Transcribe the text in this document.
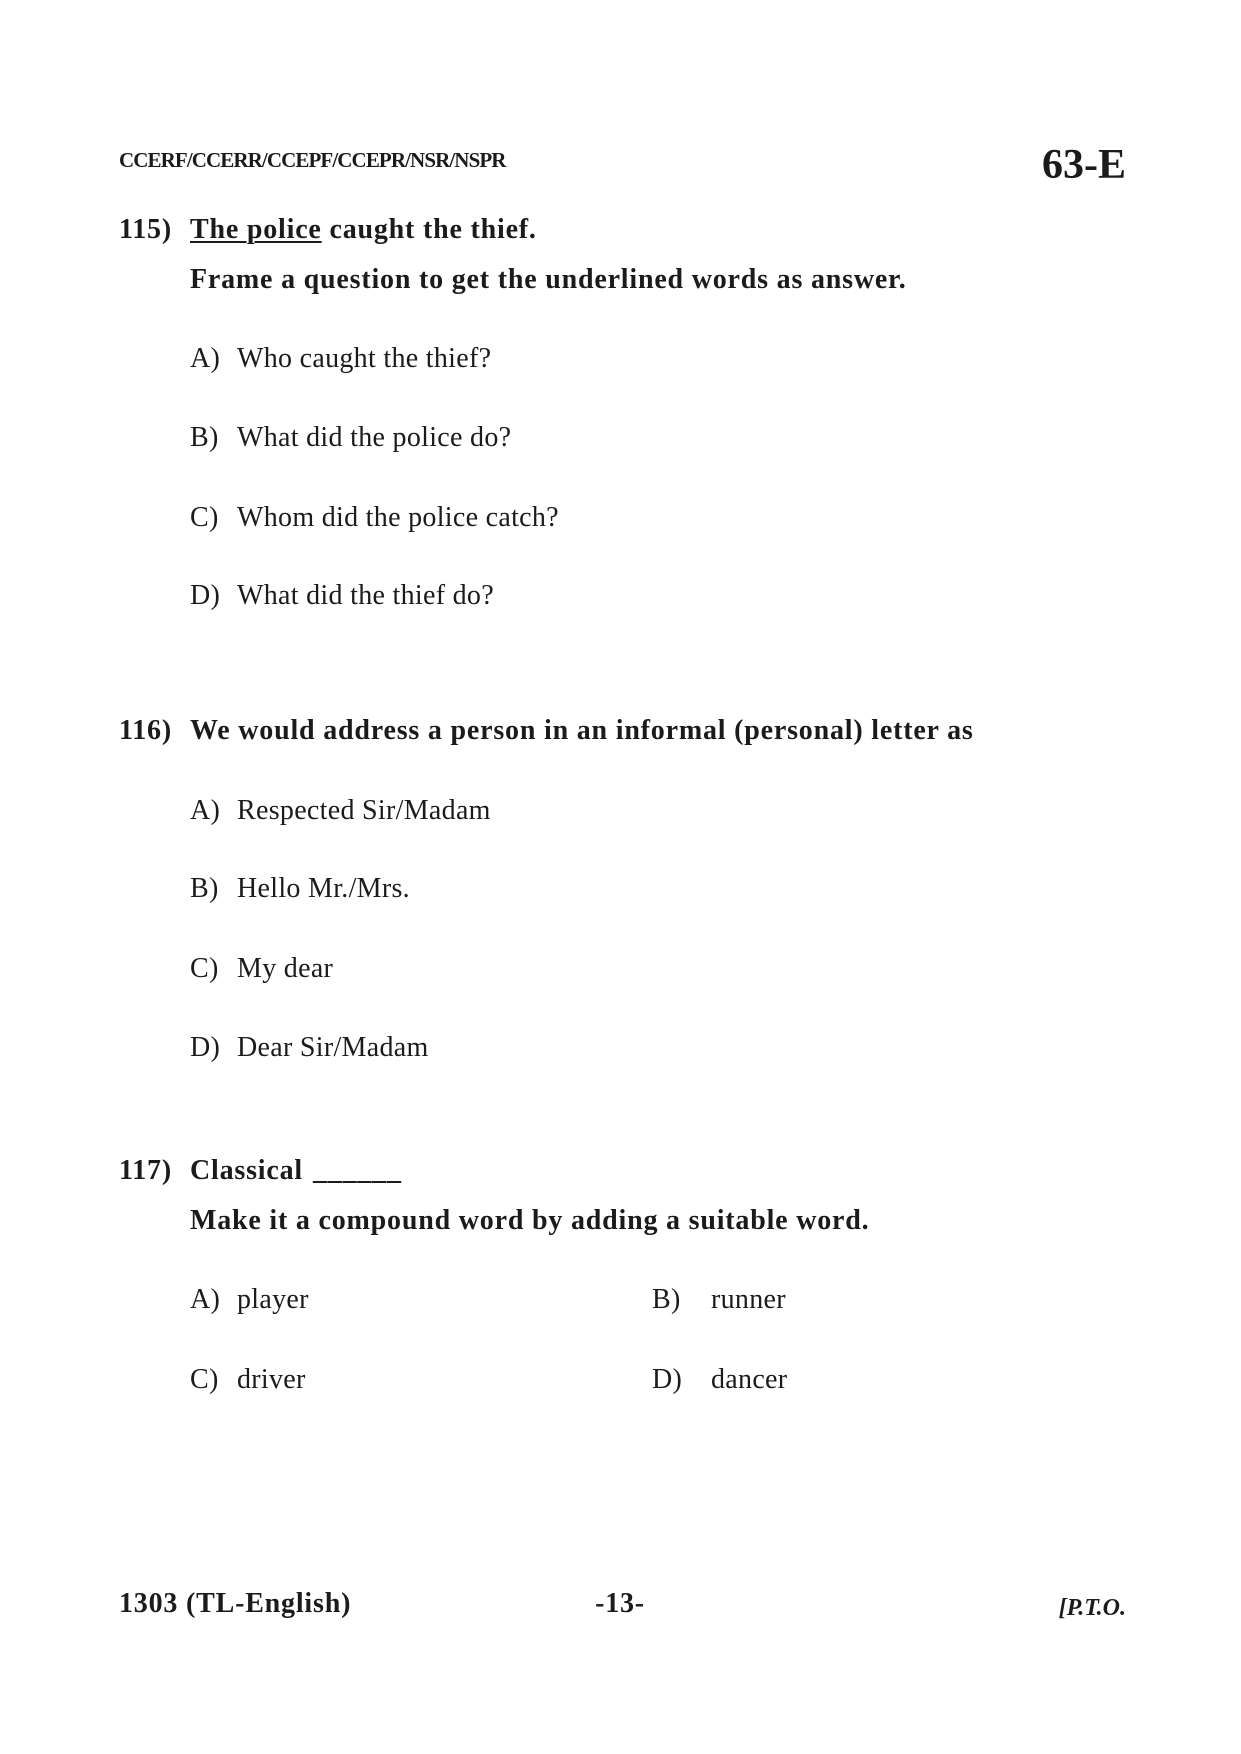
CCERF/CCERR/CCEPF/CCEPR/NSR/NSPR	63-E
115) The police caught the thief.
Frame a question to get the underlined words as answer.
A) Who caught the thief?
B) What did the police do?
C) Whom did the police catch?
D) What did the thief do?
116) We would address a person in an informal (personal) letter as
A) Respected Sir/Madam
B) Hello Mr./Mrs.
C) My dear
D) Dear Sir/Madam
117) Classical ______
Make it a compound word by adding a suitable word.
A) player	B) runner
C) driver	D) dancer
1303 (TL-English)	-13-	[P.T.O.
